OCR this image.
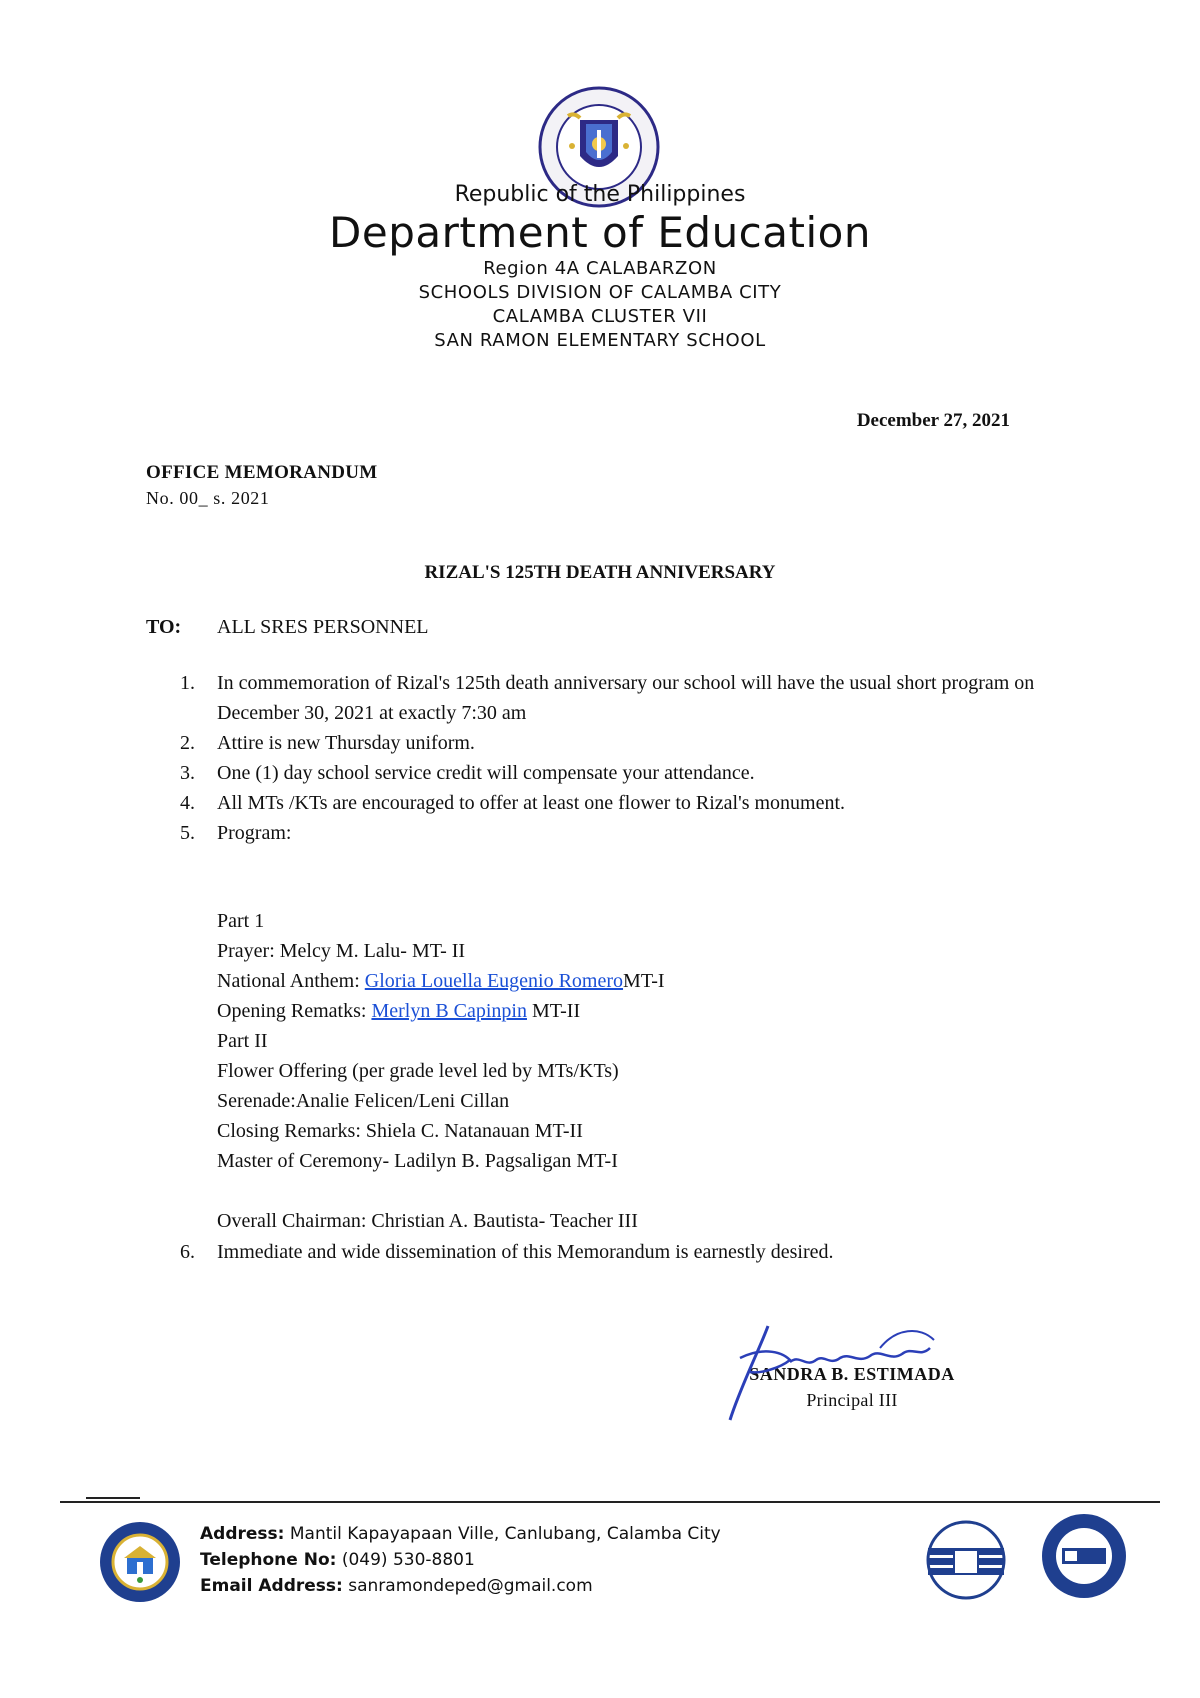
Republic of the Philippines
Department of Education
Region 4A CALABARZON
SCHOOLS DIVISION OF CALAMBA CITY
CALAMBA CLUSTER VII
SAN RAMON ELEMENTARY SCHOOL
December 27, 2021
OFFICE MEMORANDUM
No. 00_ s. 2021
RIZAL'S 125TH DEATH ANNIVERSARY
TO: ALL SRES PERSONNEL
1.	In commemoration of Rizal's 125th death anniversary our school will have the usual short program on December 30, 2021 at exactly 7:30 am
2.	Attire is new Thursday uniform.
3.	One (1) day school service credit will compensate your attendance.
4.	All MTs /KTs are encouraged to offer at least one flower to Rizal's monument.
5.	Program:
Part 1
Prayer: Melcy M. Lalu- MT- II
National Anthem: Gloria Louella Eugenio RomeroMT-I
Opening Rematks: Merlyn B Capinpin MT-II
Part II
Flower Offering (per grade level led by MTs/KTs)
Serenade:Analie Felicen/Leni Cillan
Closing Remarks: Shiela C. Natanauan MT-II
Master of Ceremony- Ladilyn B. Pagsaligan MT-I
Overall Chairman: Christian A. Bautista- Teacher III
6.	Immediate and wide dissemination of this Memorandum is earnestly desired.
SANDRA B. ESTIMADA
Principal III
Address: Mantil Kapayapaan Ville, Canlubang, Calamba City
Telephone No: (049) 530-8801
Email Address: sanramondeped@gmail.com
